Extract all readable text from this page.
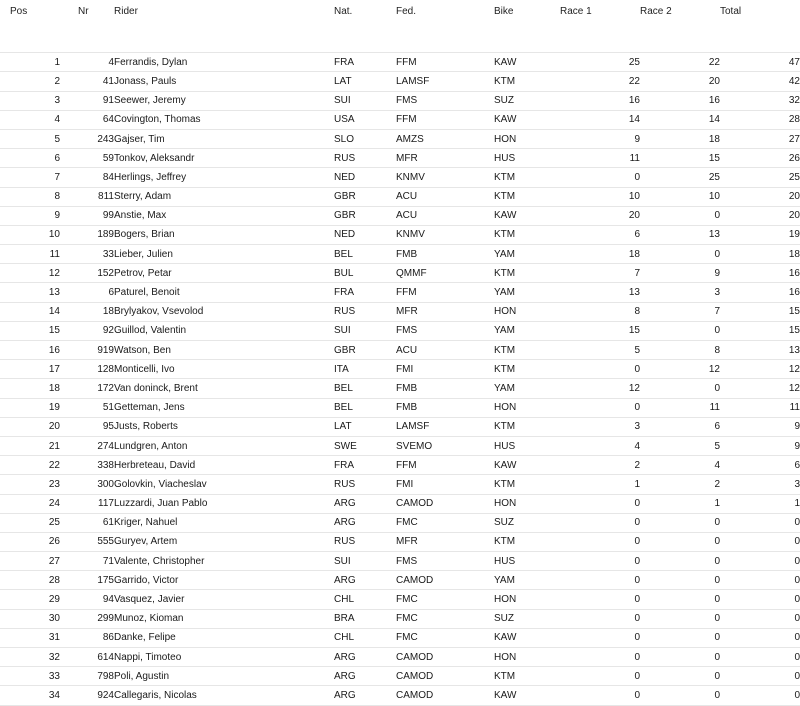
Pos	Nr	Rider	Nat.	Fed.	Bike	Race 1	Race 2	Total

1	4	Ferrandis, Dylan	FRA	FFM	KAW	25	22	47
2	41	Jonass, Pauls	LAT	LAMSF	KTM	22	20	42
3	91	Seewer, Jeremy	SUI	FMS	SUZ	16	16	32
4	64	Covington, Thomas	USA	FFM	KAW	14	14	28
5	243	Gajser, Tim	SLO	AMZS	HON	9	18	27
6	59	Tonkov, Aleksandr	RUS	MFR	HUS	11	15	26
7	84	Herlings, Jeffrey	NED	KNMV	KTM	0	25	25
8	811	Sterry, Adam	GBR	ACU	KTM	10	10	20
9	99	Anstie, Max	GBR	ACU	KAW	20	0	20
10	189	Bogers, Brian	NED	KNMV	KTM	6	13	19
11	33	Lieber, Julien	BEL	FMB	YAM	18	0	18
12	152	Petrov, Petar	BUL	QMMF	KTM	7	9	16
13	6	Paturel, Benoit	FRA	FFM	YAM	13	3	16
14	18	Brylyakov, Vsevolod	RUS	MFR	HON	8	7	15
15	92	Guillod, Valentin	SUI	FMS	YAM	15	0	15
16	919	Watson, Ben	GBR	ACU	KTM	5	8	13
17	128	Monticelli, Ivo	ITA	FMI	KTM	0	12	12
18	172	Van doninck, Brent	BEL	FMB	YAM	12	0	12
19	51	Getteman, Jens	BEL	FMB	HON	0	11	11
20	95	Justs, Roberts	LAT	LAMSF	KTM	3	6	9
21	274	Lundgren, Anton	SWE	SVEMO	HUS	4	5	9
22	338	Herbreteau, David	FRA	FFM	KAW	2	4	6
23	300	Golovkin, Viacheslav	RUS	FMI	KTM	1	2	3
24	117	Luzzardi, Juan Pablo	ARG	CAMOD	HON	0	1	1
25	61	Kriger, Nahuel	ARG	FMC	SUZ	0	0	0
26	555	Guryev, Artem	RUS	MFR	KTM	0	0	0
27	71	Valente, Christopher	SUI	FMS	HUS	0	0	0
28	175	Garrido, Victor	ARG	CAMOD	YAM	0	0	0
29	94	Vasquez, Javier	CHL	FMC	HON	0	0	0
30	299	Munoz, Kioman	BRA	FMC	SUZ	0	0	0
31	86	Danke, Felipe	CHL	FMC	KAW	0	0	0
32	614	Nappi, Timoteo	ARG	CAMOD	HON	0	0	0
33	798	Poli, Agustin	ARG	CAMOD	KTM	0	0	0
34	924	Callegaris, Nicolas	ARG	CAMOD	KAW	0	0	0
